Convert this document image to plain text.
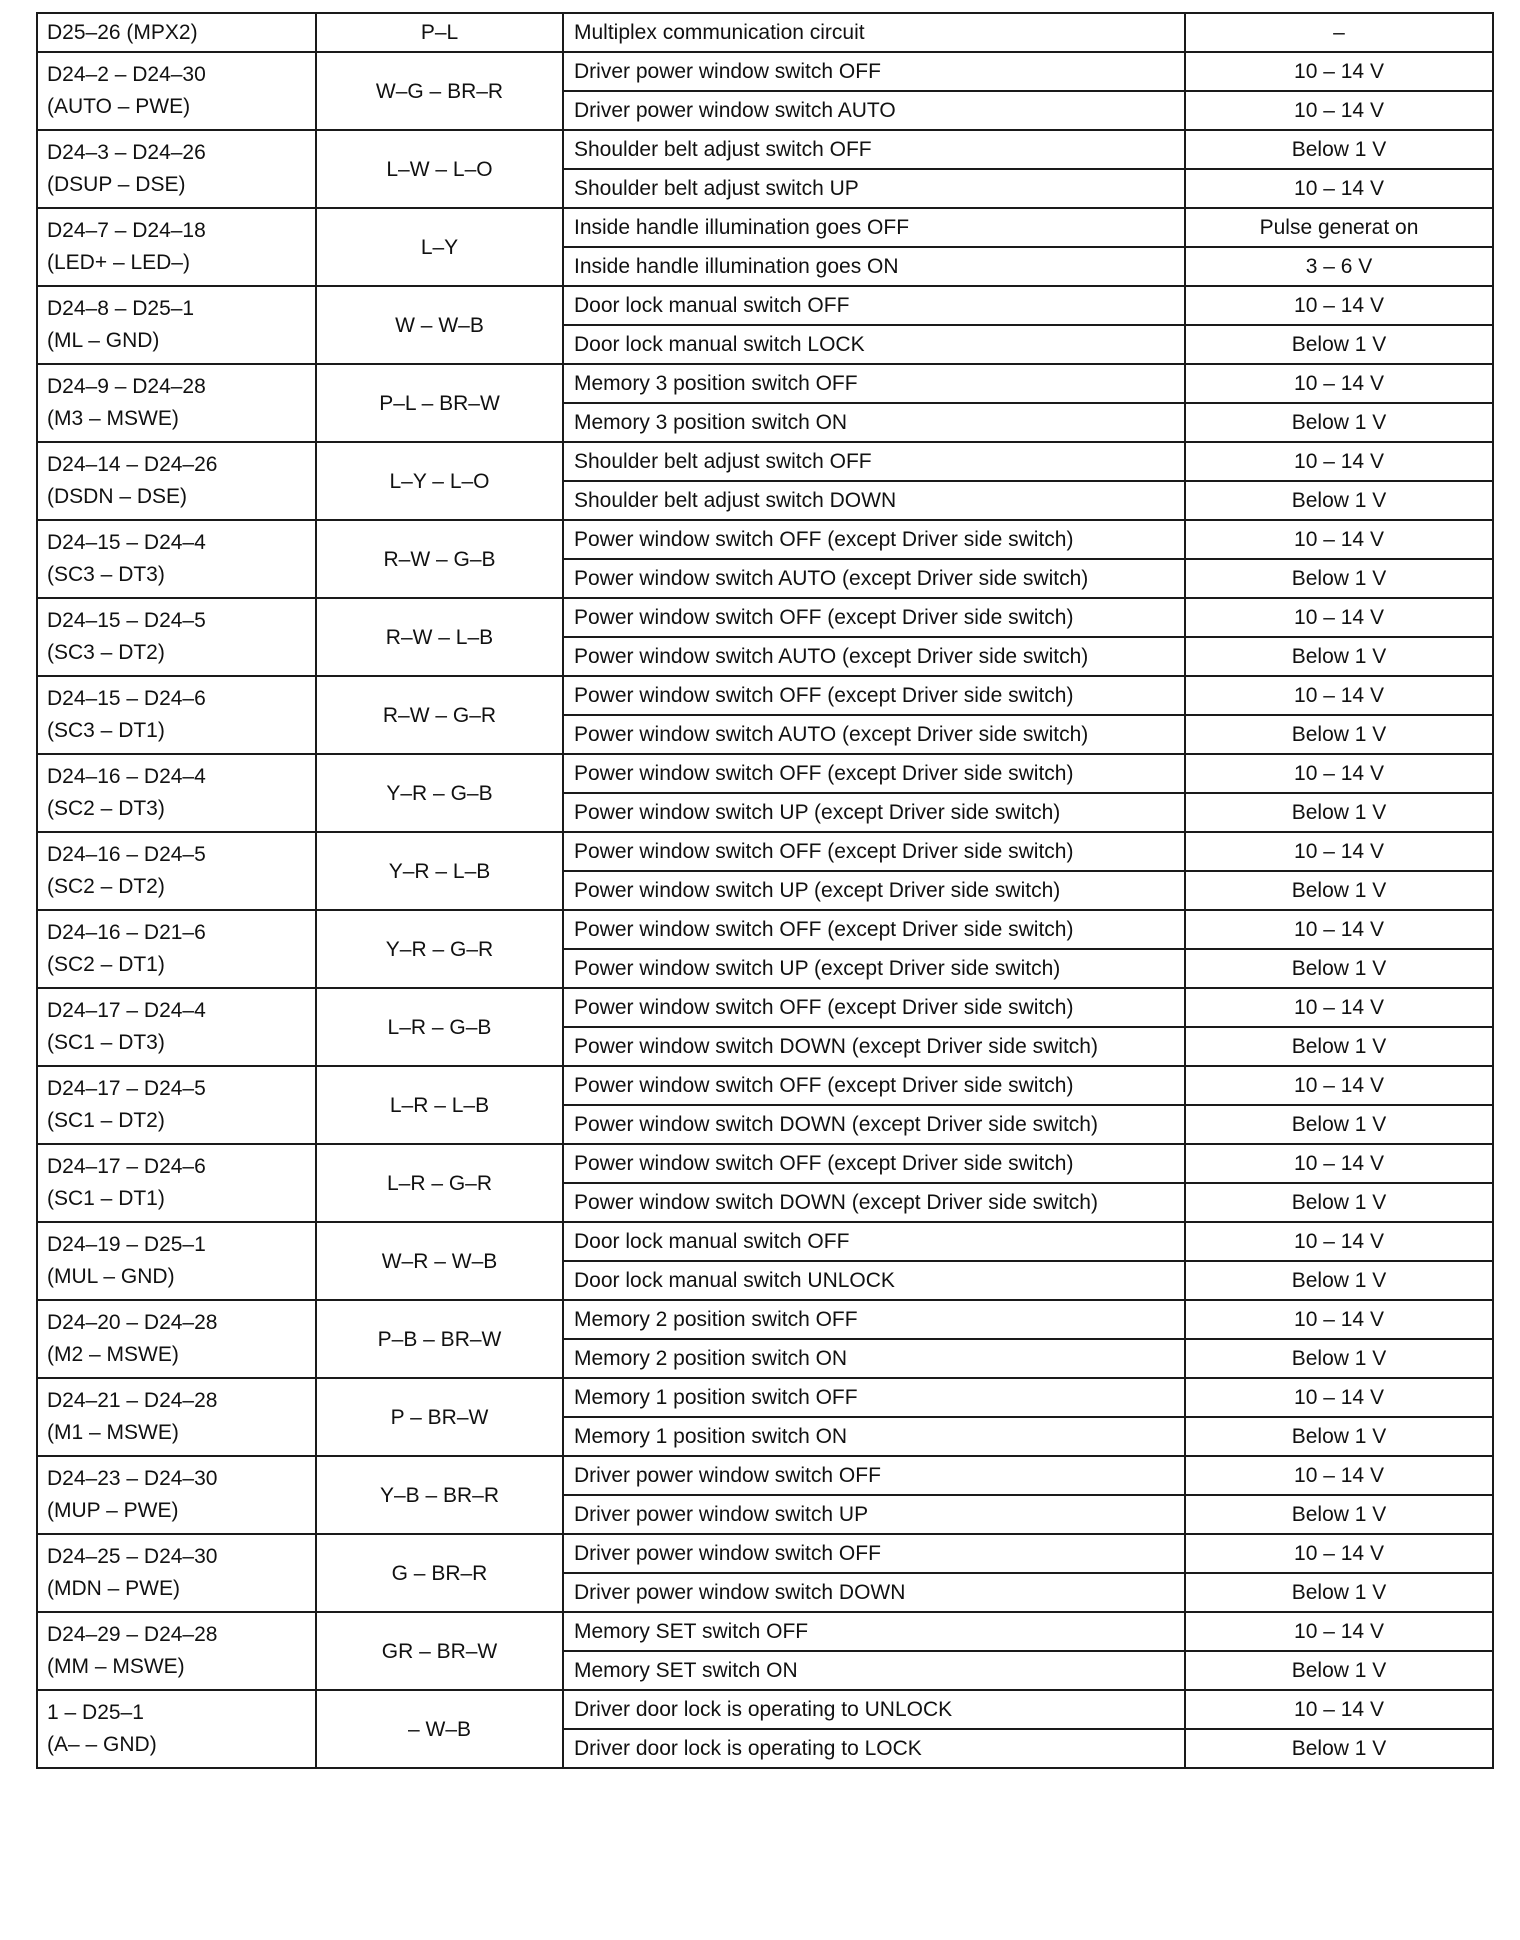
D25–26 (MPX2)	P–L	Multiplex communication circuit	–

D24–2 – D24–30
(AUTO – PWE)	W–G – BR–R	Driver power window switch OFF	10 – 14 V
		Driver power window switch AUTO	10 – 14 V

D24–3 – D24–26
(DSUP – DSE)	L–W – L–O	Shoulder belt adjust switch OFF	Below 1 V
		Shoulder belt adjust switch UP	10 – 14 V

D24–7 – D24–18
(LED+ – LED–)	L–Y	Inside handle illumination goes OFF	Pulse generat on
		Inside handle illumination goes ON	3 – 6 V

D24–8 – D25–1
(ML – GND)	W – W–B	Door lock manual switch OFF	10 – 14 V
		Door lock manual switch LOCK	Below 1 V

D24–9 – D24–28
(M3 – MSWE)	P–L – BR–W	Memory 3 position switch OFF	10 – 14 V
		Memory 3 position switch ON	Below 1 V

D24–14 – D24–26
(DSDN – DSE)	L–Y – L–O	Shoulder belt adjust switch OFF	10 – 14 V
		Shoulder belt adjust switch DOWN	Below 1 V

D24–15 – D24–4
(SC3 – DT3)	R–W – G–B	Power window switch OFF (except Driver side switch)	10 – 14 V
		Power window switch AUTO (except Driver side switch)	Below 1 V

D24–15 – D24–5
(SC3 – DT2)	R–W – L–B	Power window switch OFF (except Driver side switch)	10 – 14 V
		Power window switch AUTO (except Driver side switch)	Below 1 V

D24–15 – D24–6
(SC3 – DT1)	R–W – G–R	Power window switch OFF (except Driver side switch)	10 – 14 V
		Power window switch AUTO (except Driver side switch)	Below 1 V

D24–16 – D24–4
(SC2 – DT3)	Y–R – G–B	Power window switch OFF (except Driver side switch)	10 – 14 V
		Power window switch UP (except Driver side switch)	Below 1 V

D24–16 – D24–5
(SC2 – DT2)	Y–R – L–B	Power window switch OFF (except Driver side switch)	10 – 14 V
		Power window switch UP (except Driver side switch)	Below 1 V

D24–16 – D21–6
(SC2 – DT1)	Y–R – G–R	Power window switch OFF (except Driver side switch)	10 – 14 V
		Power window switch UP (except Driver side switch)	Below 1 V

D24–17 – D24–4
(SC1 – DT3)	L–R – G–B	Power window switch OFF (except Driver side switch)	10 – 14 V
		Power window switch DOWN (except Driver side switch)	Below 1 V

D24–17 – D24–5
(SC1 – DT2)	L–R – L–B	Power window switch OFF (except Driver side switch)	10 – 14 V
		Power window switch DOWN (except Driver side switch)	Below 1 V

D24–17 – D24–6
(SC1 – DT1)	L–R – G–R	Power window switch OFF (except Driver side switch)	10 – 14 V
		Power window switch DOWN (except Driver side switch)	Below 1 V

D24–19 – D25–1
(MUL – GND)	W–R – W–B	Door lock manual switch OFF	10 – 14 V
		Door lock manual switch UNLOCK	Below 1 V

D24–20 – D24–28
(M2 – MSWE)	P–B – BR–W	Memory 2 position switch OFF	10 – 14 V
		Memory 2 position switch ON	Below 1 V

D24–21 – D24–28
(M1 – MSWE)	P – BR–W	Memory 1 position switch OFF	10 – 14 V
		Memory 1 position switch ON	Below 1 V

D24–23 – D24–30
(MUP – PWE)	Y–B – BR–R	Driver power window switch OFF	10 – 14 V
		Driver power window switch UP	Below 1 V

D24–25 – D24–30
(MDN – PWE)	G – BR–R	Driver power window switch OFF	10 – 14 V
		Driver power window switch DOWN	Below 1 V

D24–29 – D24–28
(MM – MSWE)	GR – BR–W	Memory SET switch OFF	10 – 14 V
		Memory SET switch ON	Below 1 V

1 – D25–1
(A– – GND)	– W–B	Driver door lock is operating to UNLOCK	10 – 14 V
		Driver door lock is operating to LOCK	Below 1 V
